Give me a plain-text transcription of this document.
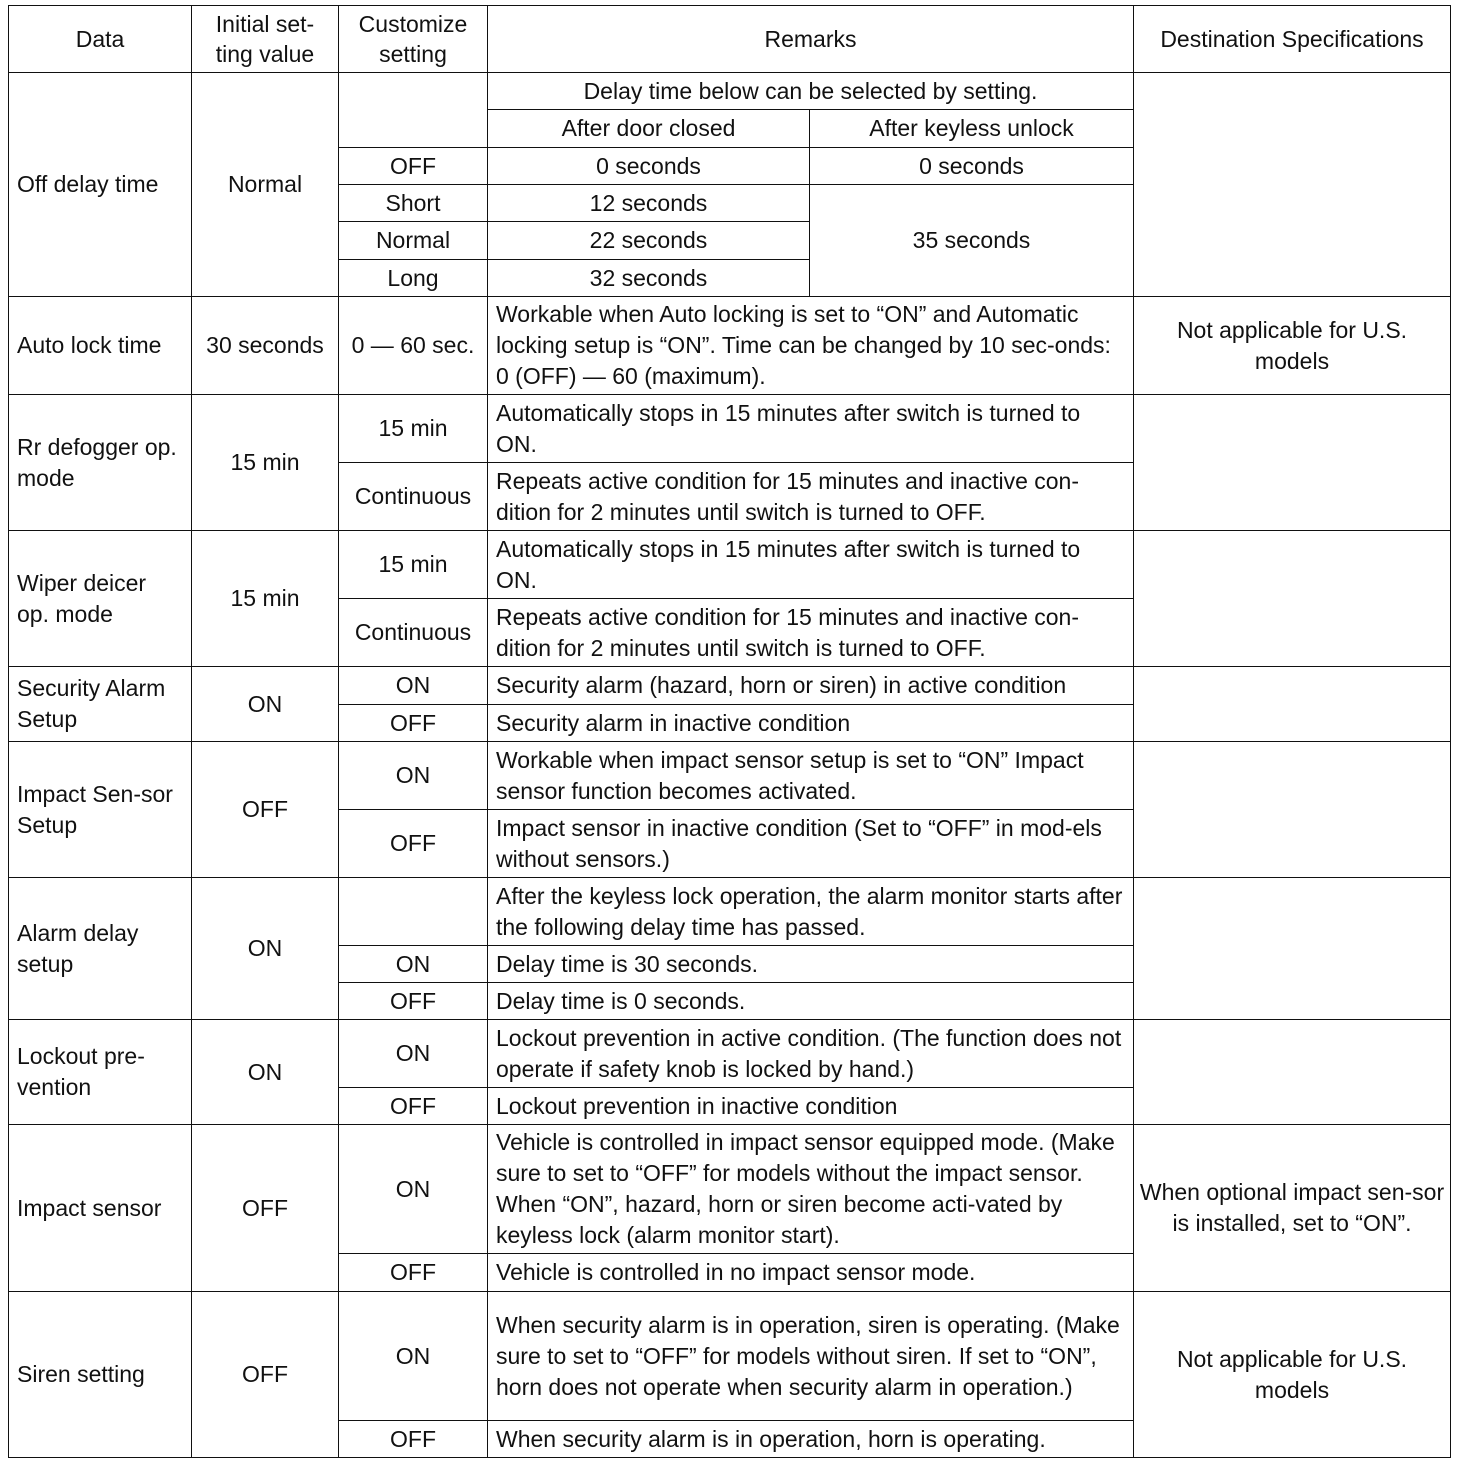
Data	Initial set-ting value	Customize setting	Remarks		Destination Specifications
Off delay time	Normal		Delay time below can be selected by setting.		
			After door closed	After keyless unlock	
		OFF	0 seconds	0 seconds	
		Short	12 seconds	35 seconds	
		Normal	22 seconds		
		Long	32 seconds		
Auto lock time	30 seconds	0 — 60 sec.	Workable when Auto locking is set to “ON” and Automatic locking setup is “ON”. Time can be changed by 10 sec-onds: 0 (OFF) — 60 (maximum).		Not applicable for U.S. models
Rr defogger op. mode	15 min	15 min	Automatically stops in 15 minutes after switch is turned to ON.		
		Continuous	Repeats active condition for 15 minutes and inactive con-dition for 2 minutes until switch is turned to OFF.		
Wiper deicer op. mode	15 min	15 min	Automatically stops in 15 minutes after switch is turned to ON.		
		Continuous	Repeats active condition for 15 minutes and inactive con-dition for 2 minutes until switch is turned to OFF.		
Security Alarm Setup	ON	ON	Security alarm (hazard, horn or siren) in active condition		
		OFF	Security alarm in inactive condition		
Impact Sen-sor Setup	OFF	ON	Workable when impact sensor setup is set to “ON” Impact sensor function becomes activated.		
		OFF	Impact sensor in inactive condition (Set to “OFF” in mod-els without sensors.)		
Alarm delay setup	ON		After the keyless lock operation, the alarm monitor starts after the following delay time has passed.		
		ON	Delay time is 30 seconds.		
		OFF	Delay time is 0 seconds.		
Lockout pre-vention	ON	ON	Lockout prevention in active condition. (The function does not operate if safety knob is locked by hand.)		
		OFF	Lockout prevention in inactive condition		
Impact sensor	OFF	ON	Vehicle is controlled in impact sensor equipped mode. (Make sure to set to “OFF” for models without the impact sensor. When “ON”, hazard, horn or siren become acti-vated by keyless lock (alarm monitor start).		When optional impact sen-sor is installed, set to “ON”.
		OFF	Vehicle is controlled in no impact sensor mode.		
Siren setting	OFF	ON	When security alarm is in operation, siren is operating. (Make sure to set to “OFF” for models without siren. If set to “ON”, horn does not operate when security alarm in operation.)		Not applicable for U.S. models
		OFF	When security alarm is in operation, horn is operating.		
